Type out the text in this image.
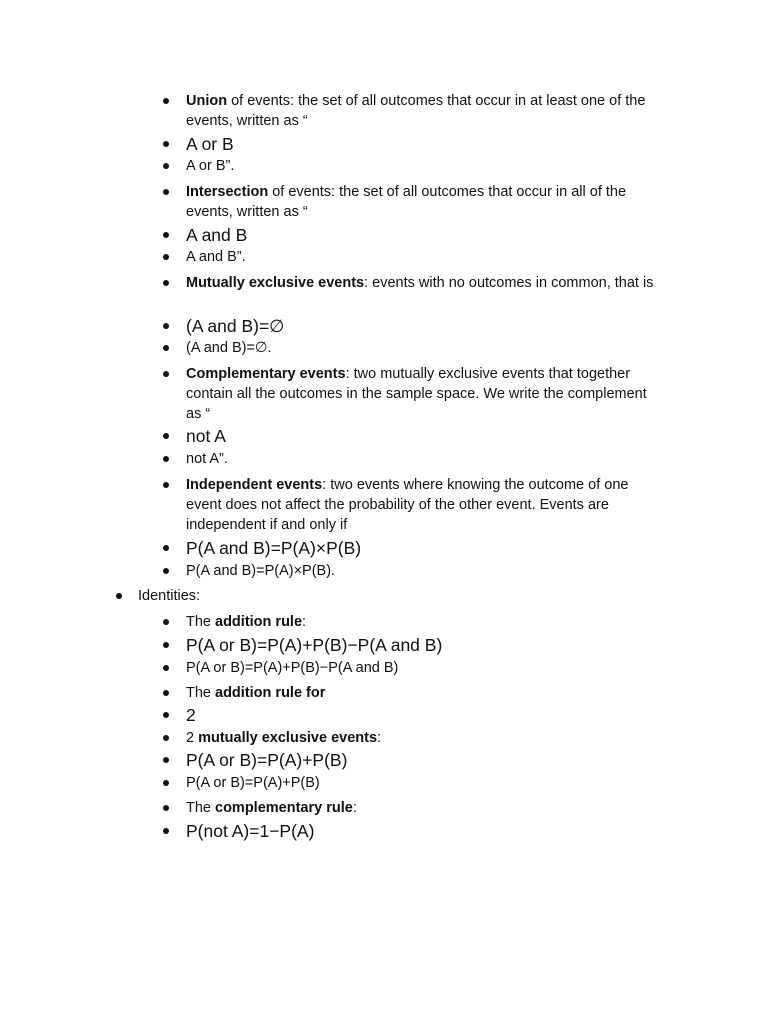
Union of events: the set of all outcomes that occur in at least one of the events, written as “
A or B
A or B”.
Intersection of events: the set of all outcomes that occur in all of the events, written as “
A and B
A and B”.
Mutually exclusive events: events with no outcomes in common, that is
(A and B)=∅
(A and B)=∅.
Complementary events: two mutually exclusive events that together contain all the outcomes in the sample space. We write the complement as “
not A
not A”.
Independent events: two events where knowing the outcome of one event does not affect the probability of the other event. Events are independent if and only if
P(A and B)=P(A)×P(B)
P(A and B)=P(A)×P(B).
Identities:
The addition rule:
P(A or B)=P(A)+P(B)−P(A and B)
P(A or B)=P(A)+P(B)−P(A and B)
The addition rule for
2
2 mutually exclusive events:
P(A or B)=P(A)+P(B)
P(A or B)=P(A)+P(B)
The complementary rule:
P(not A)=1−P(A)
